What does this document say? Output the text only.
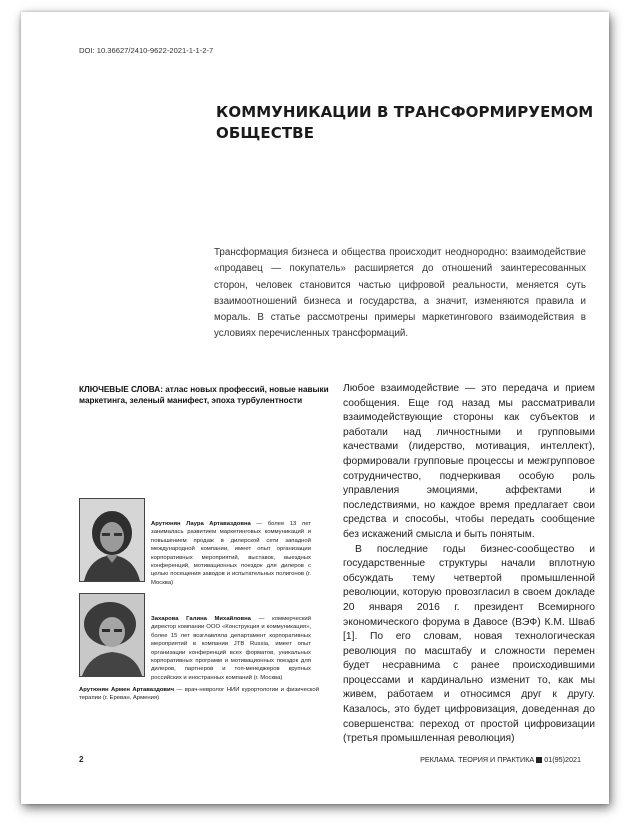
DOI: 10.36627/2410-9622-2021-1-1-2-7
КОММУНИКАЦИИ В ТРАНСФОРМИРУЕМОМ ОБЩЕСТВЕ
Трансформация бизнеса и общества происходит неоднородно: взаимодействие «продавец — покупатель» расширяется до отношений заинтересованных сторон, человек становится частью цифровой реальности, меняется суть взаимоотношений бизнеса и государства, а значит, изменяются правила и мораль. В статье рассмотрены примеры маркетингового взаимодействия в условиях перечисленных трансформаций.
КЛЮЧЕВЫЕ СЛОВА: атлас новых профессий, новые навыки маркетинга, зеленый манифест, эпоха турбулентности
Арутюнян Лаура Артаваздовна — более 13 лет занималась развитием маркетинговых коммуникаций и повышением продаж в дилерской сети западной международной компании, имеет опыт организации корпоративных мероприятий, выставок, выездных конференций, мотивационных поездок для дилеров с целью посещения заводов и испытательных полигонов (г. Москва)
Захарова Галина Михайловна — коммерческий директор компании ООО «Конструкция и коммуникация», более 15 лет возглавляла департамент корпоративных мероприятий в компании JTB Russia, имеет опыт организации конференций всех форматов, уникальных корпоративных программ и мотивационных поездок для дилеров, партнеров и топ-менеджеров крупных российских и иностранных компаний (г. Москва)
Арутюнян Армен Артаваздович — врач-невролог НИИ курортологии и физической терапии (г. Ереван, Армения)

Любое взаимодействие — это передача и прием сообщения. Еще год назад мы рассматривали взаимодействующие стороны как субъектов и работали над личностными и групповыми качествами (лидерство, мотивация, интеллект), формировали групповые процессы и межгрупповое сотрудничество, подчеркивая особую роль управления эмоциями, аффектами и последствиями, но каждое время предлагает свои средства и способы, чтобы передать сообщение без искажений смысла и быть понятым.

В последние годы бизнес-сообщество и государственные структуры начали вплотную обсуждать тему четвертой промышленной революции, которую провозгласил в своем докладе 20 января 2016 г. президент Всемирного экономического форума в Давосе (ВЭФ) К.М. Шваб [1]. По его словам, новая технологическая революция по масштабу и сложности перемен будет несравнима с ранее происходившими процессами и кардинально изменит то, как мы живем, работаем и относимся друг к другу. Казалось, это будет цифровизация, доведенная до совершенства: переход от простой цифровизации (третья промышленная революция)

2	РЕКЛАМА. ТЕОРИЯ И ПРАКТИКА 01(95)2021
